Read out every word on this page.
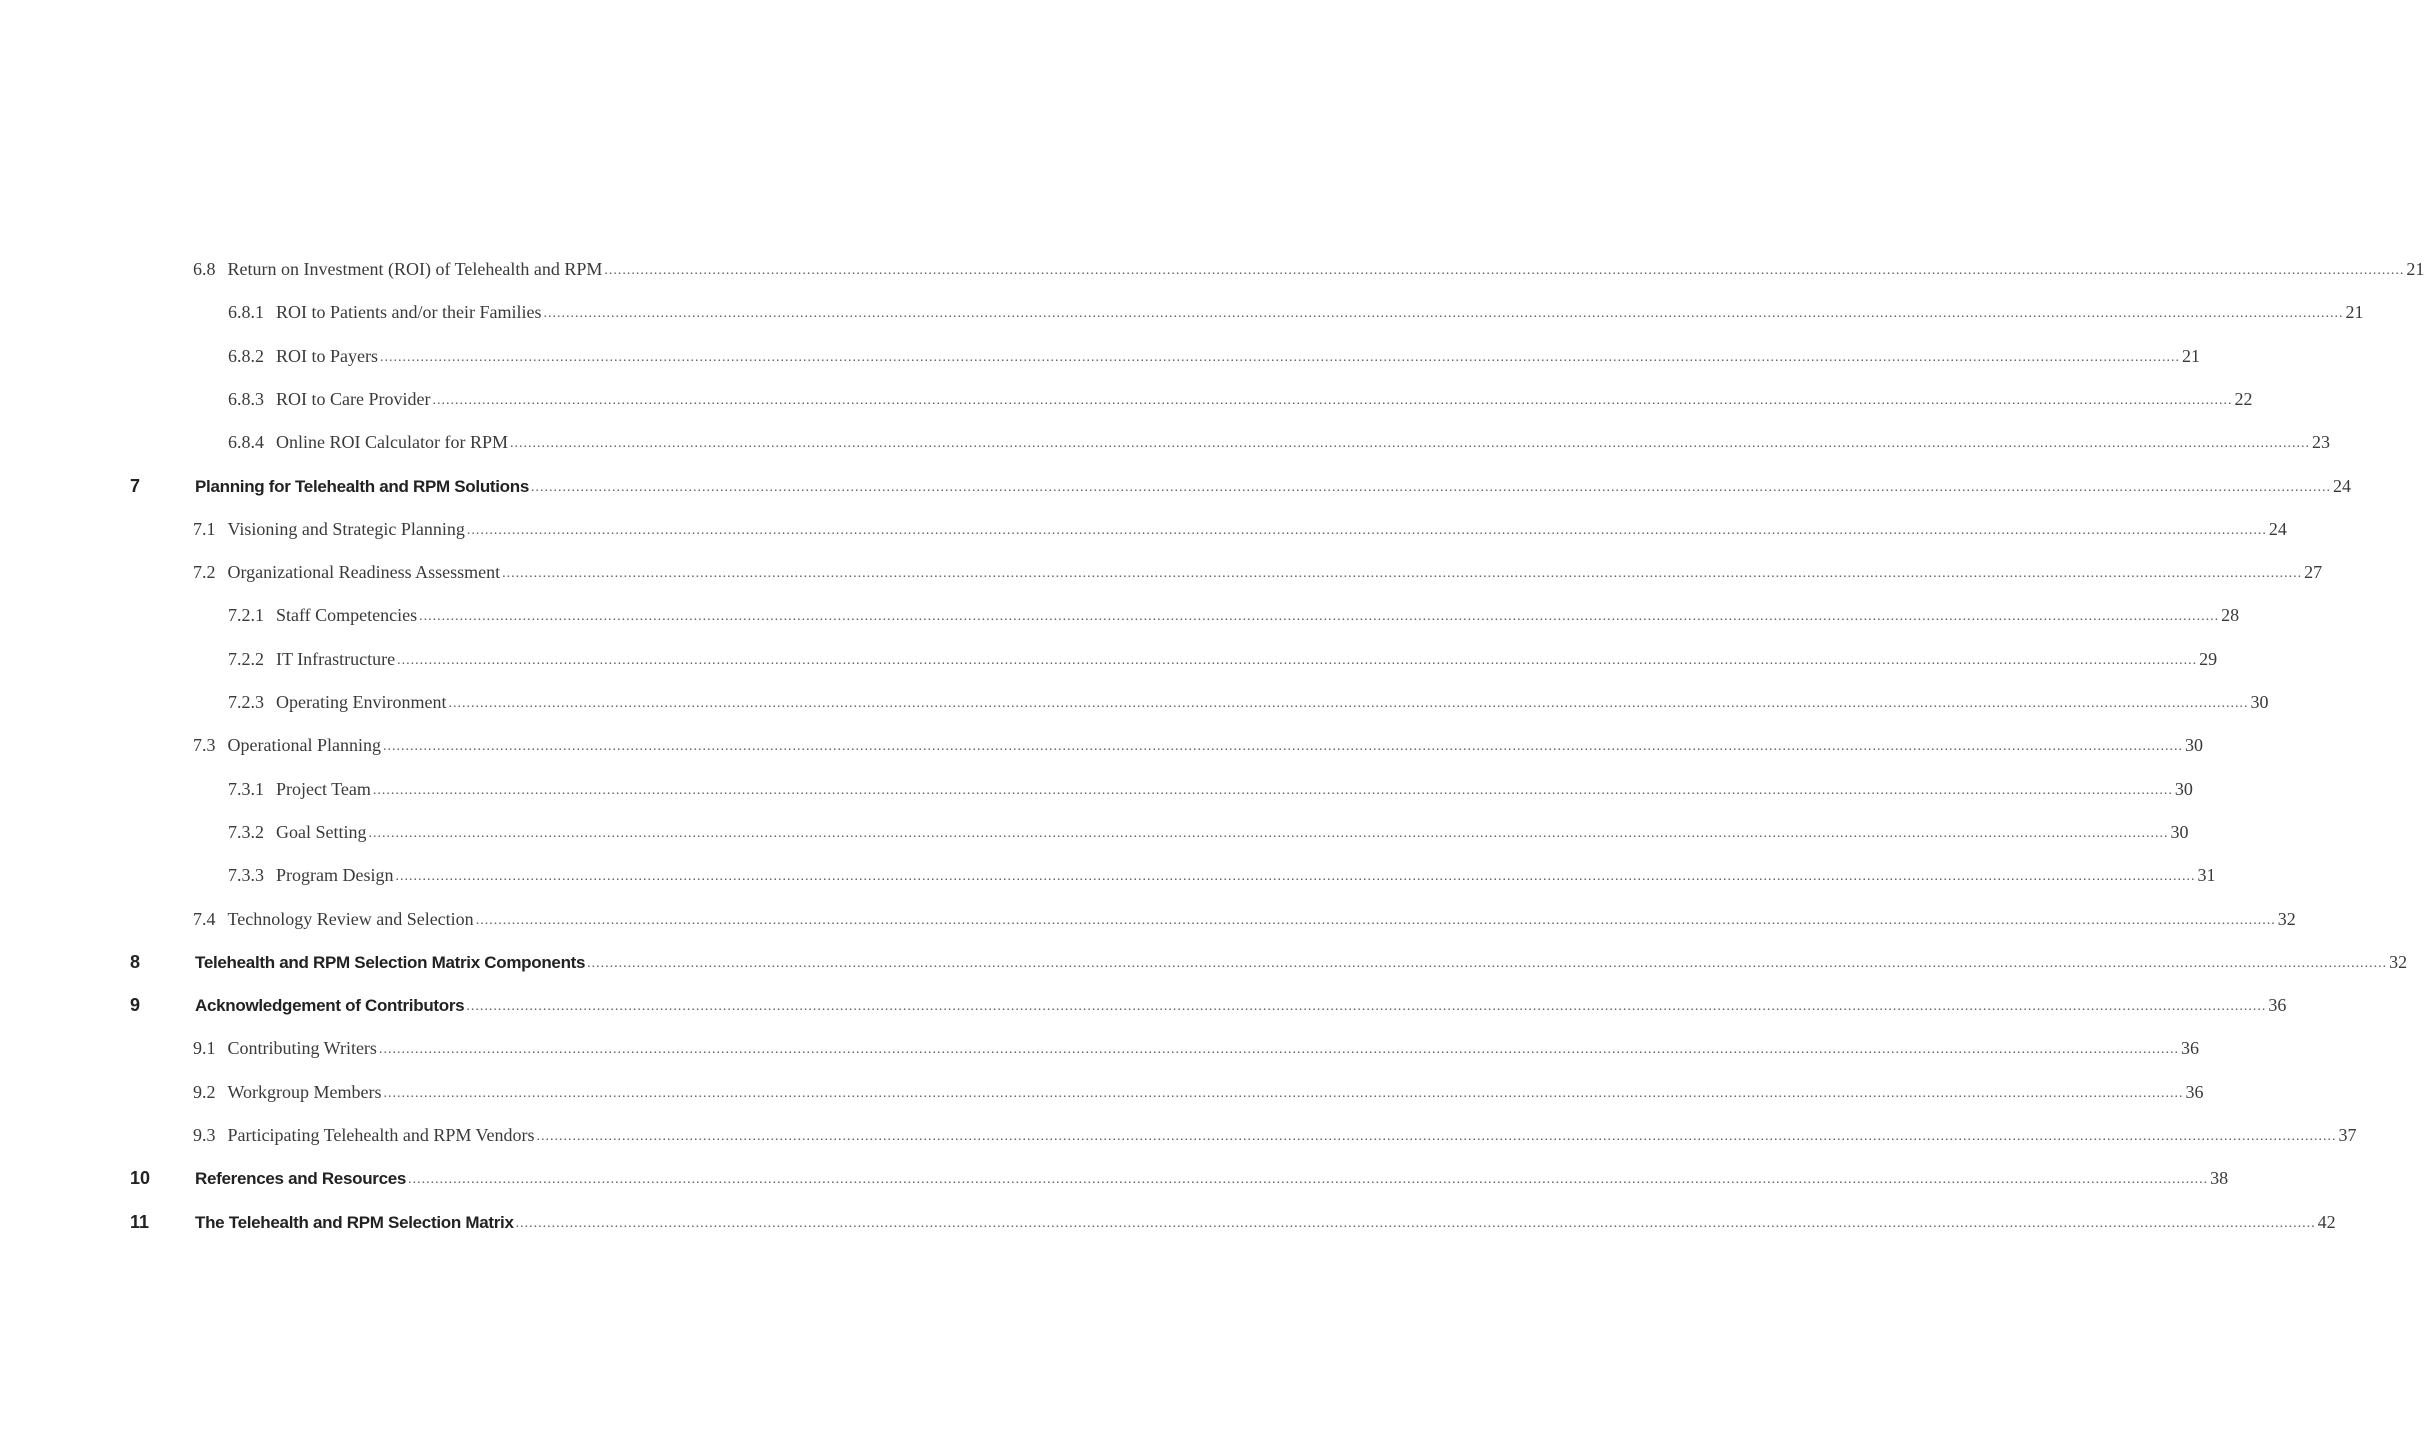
6.8 Return on Investment (ROI) of Telehealth and RPM ................................................................................................................................................................................................................................................................................................................................................................................................................ 21
6.8.1 ROI to Patients and/or their Families ................................................................................................................................................................................................................................................................................................................................................................................................................ 21
6.8.2 ROI to Payers ................................................................................................................................................................................................................................................................................................................................................................................................................ 21
6.8.3 ROI to Care Provider ................................................................................................................................................................................................................................................................................................................................................................................................................ 22
6.8.4 Online ROI Calculator for RPM ................................................................................................................................................................................................................................................................................................................................................................................................................ 23
7	Planning for Telehealth and RPM Solutions ................................................................................................................................................................................................................................................................................................................................................................................................................ 24
7.1 Visioning and Strategic Planning ................................................................................................................................................................................................................................................................................................................................................................................................................ 24
7.2 Organizational Readiness Assessment ................................................................................................................................................................................................................................................................................................................................................................................................................ 27
7.2.1 Staff Competencies ................................................................................................................................................................................................................................................................................................................................................................................................................ 28
7.2.2 IT Infrastructure ................................................................................................................................................................................................................................................................................................................................................................................................................ 29
7.2.3 Operating Environment ................................................................................................................................................................................................................................................................................................................................................................................................................ 30
7.3 Operational Planning ................................................................................................................................................................................................................................................................................................................................................................................................................ 30
7.3.1 Project Team ................................................................................................................................................................................................................................................................................................................................................................................................................ 30
7.3.2 Goal Setting ................................................................................................................................................................................................................................................................................................................................................................................................................ 30
7.3.3 Program Design ................................................................................................................................................................................................................................................................................................................................................................................................................ 31
7.4 Technology Review and Selection ................................................................................................................................................................................................................................................................................................................................................................................................................ 32
8	Telehealth and RPM Selection Matrix Components ................................................................................................................................................................................................................................................................................................................................................................................................................ 32
9	Acknowledgement of Contributors ................................................................................................................................................................................................................................................................................................................................................................................................................ 36
9.1 Contributing Writers ................................................................................................................................................................................................................................................................................................................................................................................................................ 36
9.2 Workgroup Members ................................................................................................................................................................................................................................................................................................................................................................................................................ 36
9.3 Participating Telehealth and RPM Vendors ................................................................................................................................................................................................................................................................................................................................................................................................................ 37
10	References and Resources ................................................................................................................................................................................................................................................................................................................................................................................................................ 38
11	The Telehealth and RPM Selection Matrix ................................................................................................................................................................................................................................................................................................................................................................................................................ 42
